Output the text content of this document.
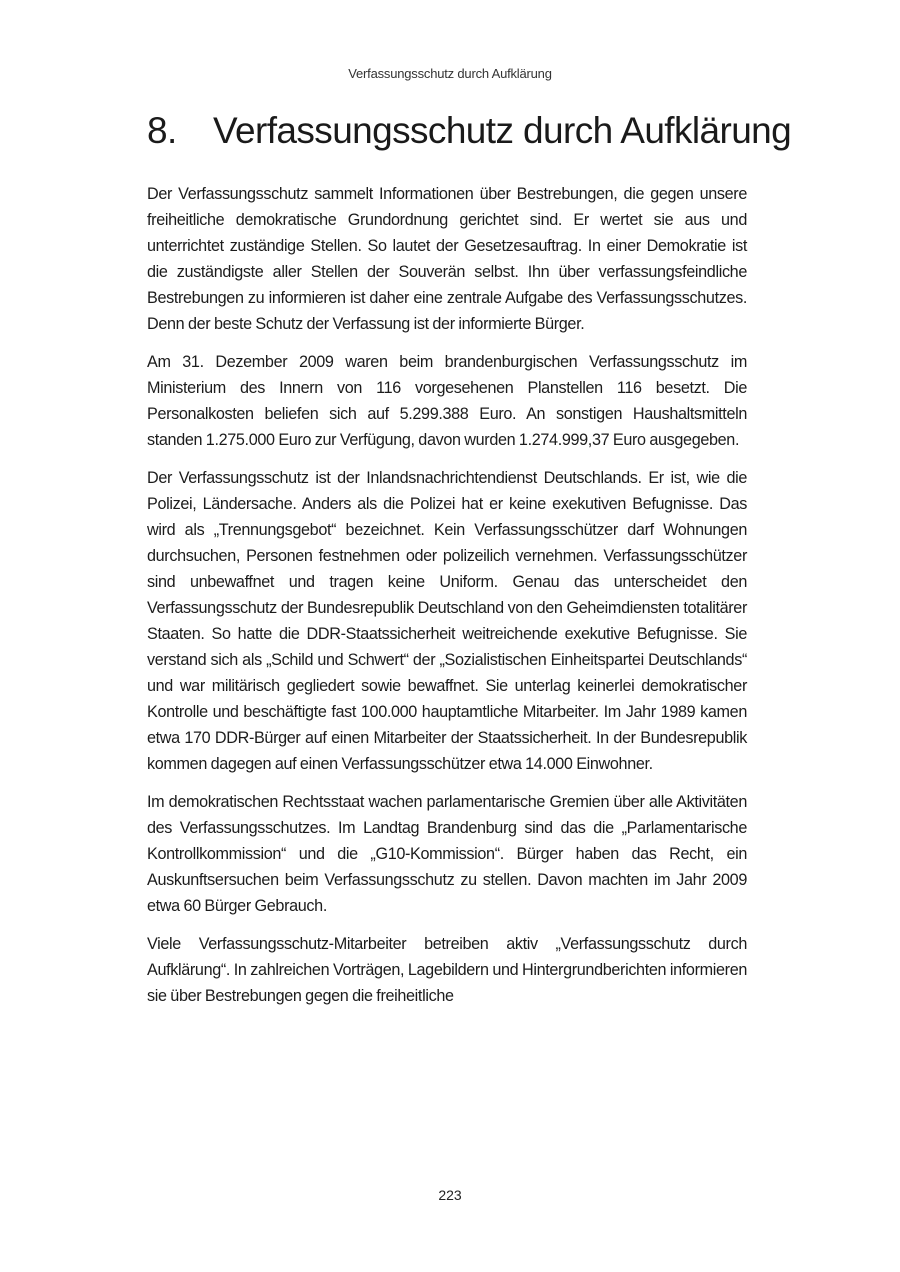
Verfassungsschutz durch Aufklärung
8. Verfassungsschutz durch Aufklärung

Der Verfassungsschutz sammelt Informationen über Bestrebungen, die gegen unsere freiheitliche demokratische Grundordnung gerichtet sind. Er wertet sie aus und unterrichtet zuständige Stellen. So lautet der Gesetzesauftrag. In einer Demokratie ist die zuständigste aller Stellen der Souverän selbst. Ihn über verfassungsfeindliche Bestrebungen zu informieren ist daher eine zentrale Aufgabe des Verfassungsschutzes. Denn der beste Schutz der Verfassung ist der informierte Bürger.

Am 31. Dezember 2009 waren beim brandenburgischen Verfassungsschutz im Ministerium des Innern von 116 vorgesehenen Planstellen 116 besetzt. Die Personalkosten beliefen sich auf 5.299.388 Euro. An sonstigen Haushaltsmitteln standen 1.275.000 Euro zur Verfügung, davon wurden 1.274.999,37 Euro ausgegeben.

Der Verfassungsschutz ist der Inlandsnachrichtendienst Deutschlands. Er ist, wie die Polizei, Ländersache. Anders als die Polizei hat er keine exekutiven Befugnisse. Das wird als „Trennungsgebot“ bezeichnet. Kein Verfassungsschützer darf Wohnungen durchsuchen, Personen festnehmen oder polizeilich vernehmen. Verfassungsschützer sind unbewaffnet und tragen keine Uniform. Genau das unterscheidet den Verfassungsschutz der Bundesrepublik Deutschland von den Geheimdiensten totalitärer Staaten. So hatte die DDR-Staatssicherheit weitreichende exekutive Befugnisse. Sie verstand sich als „Schild und Schwert“ der „Sozialistischen Einheitspartei Deutschlands“ und war militärisch gegliedert sowie bewaffnet. Sie unterlag keinerlei demokratischer Kontrolle und beschäftigte fast 100.000 hauptamtliche Mitarbeiter. Im Jahr 1989 kamen etwa 170 DDR-Bürger auf einen Mitarbeiter der Staatssicherheit. In der Bundesrepublik kommen dagegen auf einen Verfassungsschützer etwa 14.000 Einwohner.

Im demokratischen Rechtsstaat wachen parlamentarische Gremien über alle Aktivitäten des Verfassungsschutzes. Im Landtag Brandenburg sind das die „Parlamentarische Kontrollkommission“ und die „G10-Kommission“. Bürger haben das Recht, ein Auskunftsersuchen beim Verfassungsschutz zu stellen. Davon machten im Jahr 2009 etwa 60 Bürger Gebrauch.

Viele Verfassungsschutz-Mitarbeiter betreiben aktiv „Verfassungsschutz durch Aufklärung“. In zahlreichen Vorträgen, Lagebildern und Hintergrundberichten informieren sie über Bestrebungen gegen die freiheitliche

223
